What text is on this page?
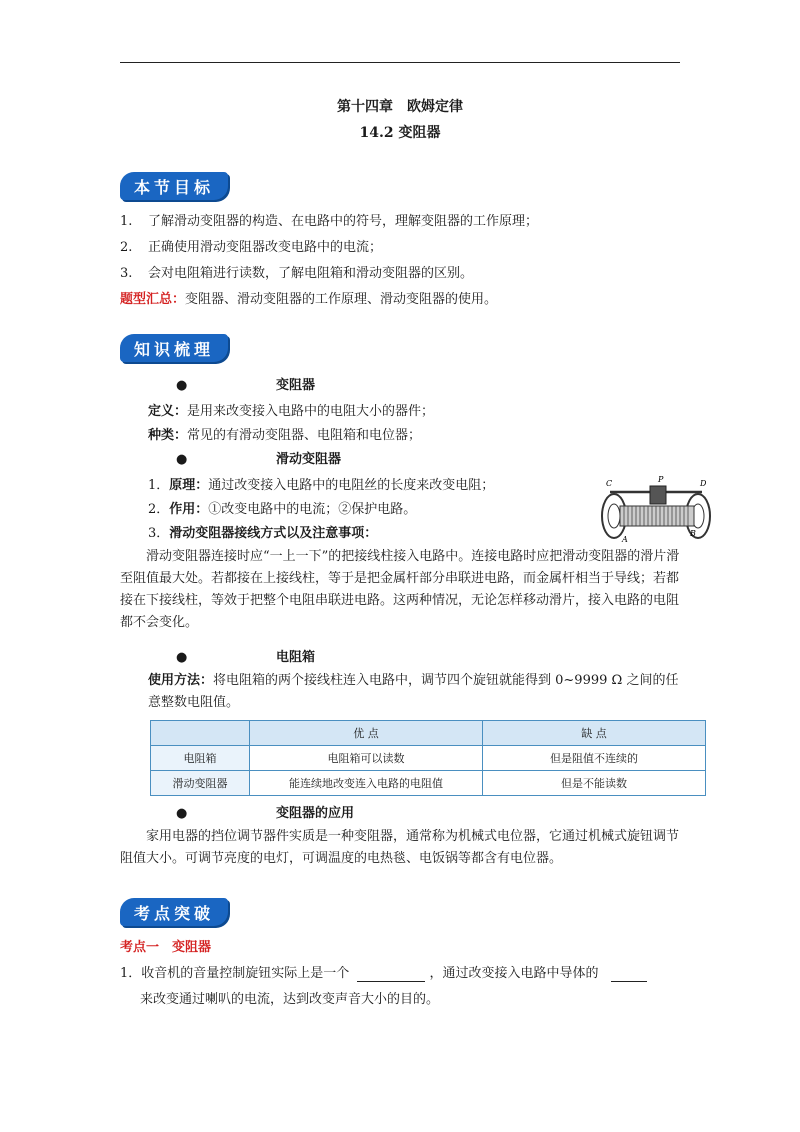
第十四章　欧姆定律
14.2 变阻器
本节目标
1. 了解滑动变阻器的构造、在电路中的符号，理解变阻器的工作原理；
2. 正确使用滑动变阻器改变电路中的电流；
3. 会对电阻箱进行读数，了解电阻箱和滑动变阻器的区别。
题型汇总：变阻器、滑动变阻器的工作原理、滑动变阻器的使用。
知识梳理
●	变阻器
定义：是用来改变接入电路中的电阻大小的器件；
种类：常见的有滑动变阻器、电阻箱和电位器；
●	滑动变阻器
1．原理：通过改变接入电路中的电阻丝的长度来改变电阻；
2．作用：①改变电路中的电流；②保护电路。
3．滑动变阻器接线方式以及注意事项：
C	P	D
A
B
滑动变阻器连接时应“一上一下”的把接线柱接入电路中。连接电路时应把滑动变阻器的滑片滑至阻值最大处。若都接在上接线柱，等于是把金属杆部分串联进电路，而金属杆相当于导线；若都接在下接线柱，等效于把整个电阻串联进电路。这两种情况，无论怎样移动滑片，接入电路的电阻都不会变化。
●	电阻箱
使用方法：将电阻箱的两个接线柱连入电路中，调节四个旋钮就能得到 0~9999 Ω 之间的任意整数电阻值。
	优 点	缺 点
电阻箱	电阻箱可以读数	但是阻值不连续的
滑动变阻器	能连续地改变连入电路的电阻值	但是不能读数
●	变阻器的应用
家用电器的挡位调节器件实质是一种变阻器，通常称为机械式电位器，它通过机械式旋钮调节阻值大小。可调节亮度的电灯，可调温度的电热毯、电饭锅等都含有电位器。
考点突破
考点一　变阻器
1．收音机的音量控制旋钮实际上是一个	，通过改变接入电路中导体的
来改变通过喇叭的电流，达到改变声音大小的目的。
